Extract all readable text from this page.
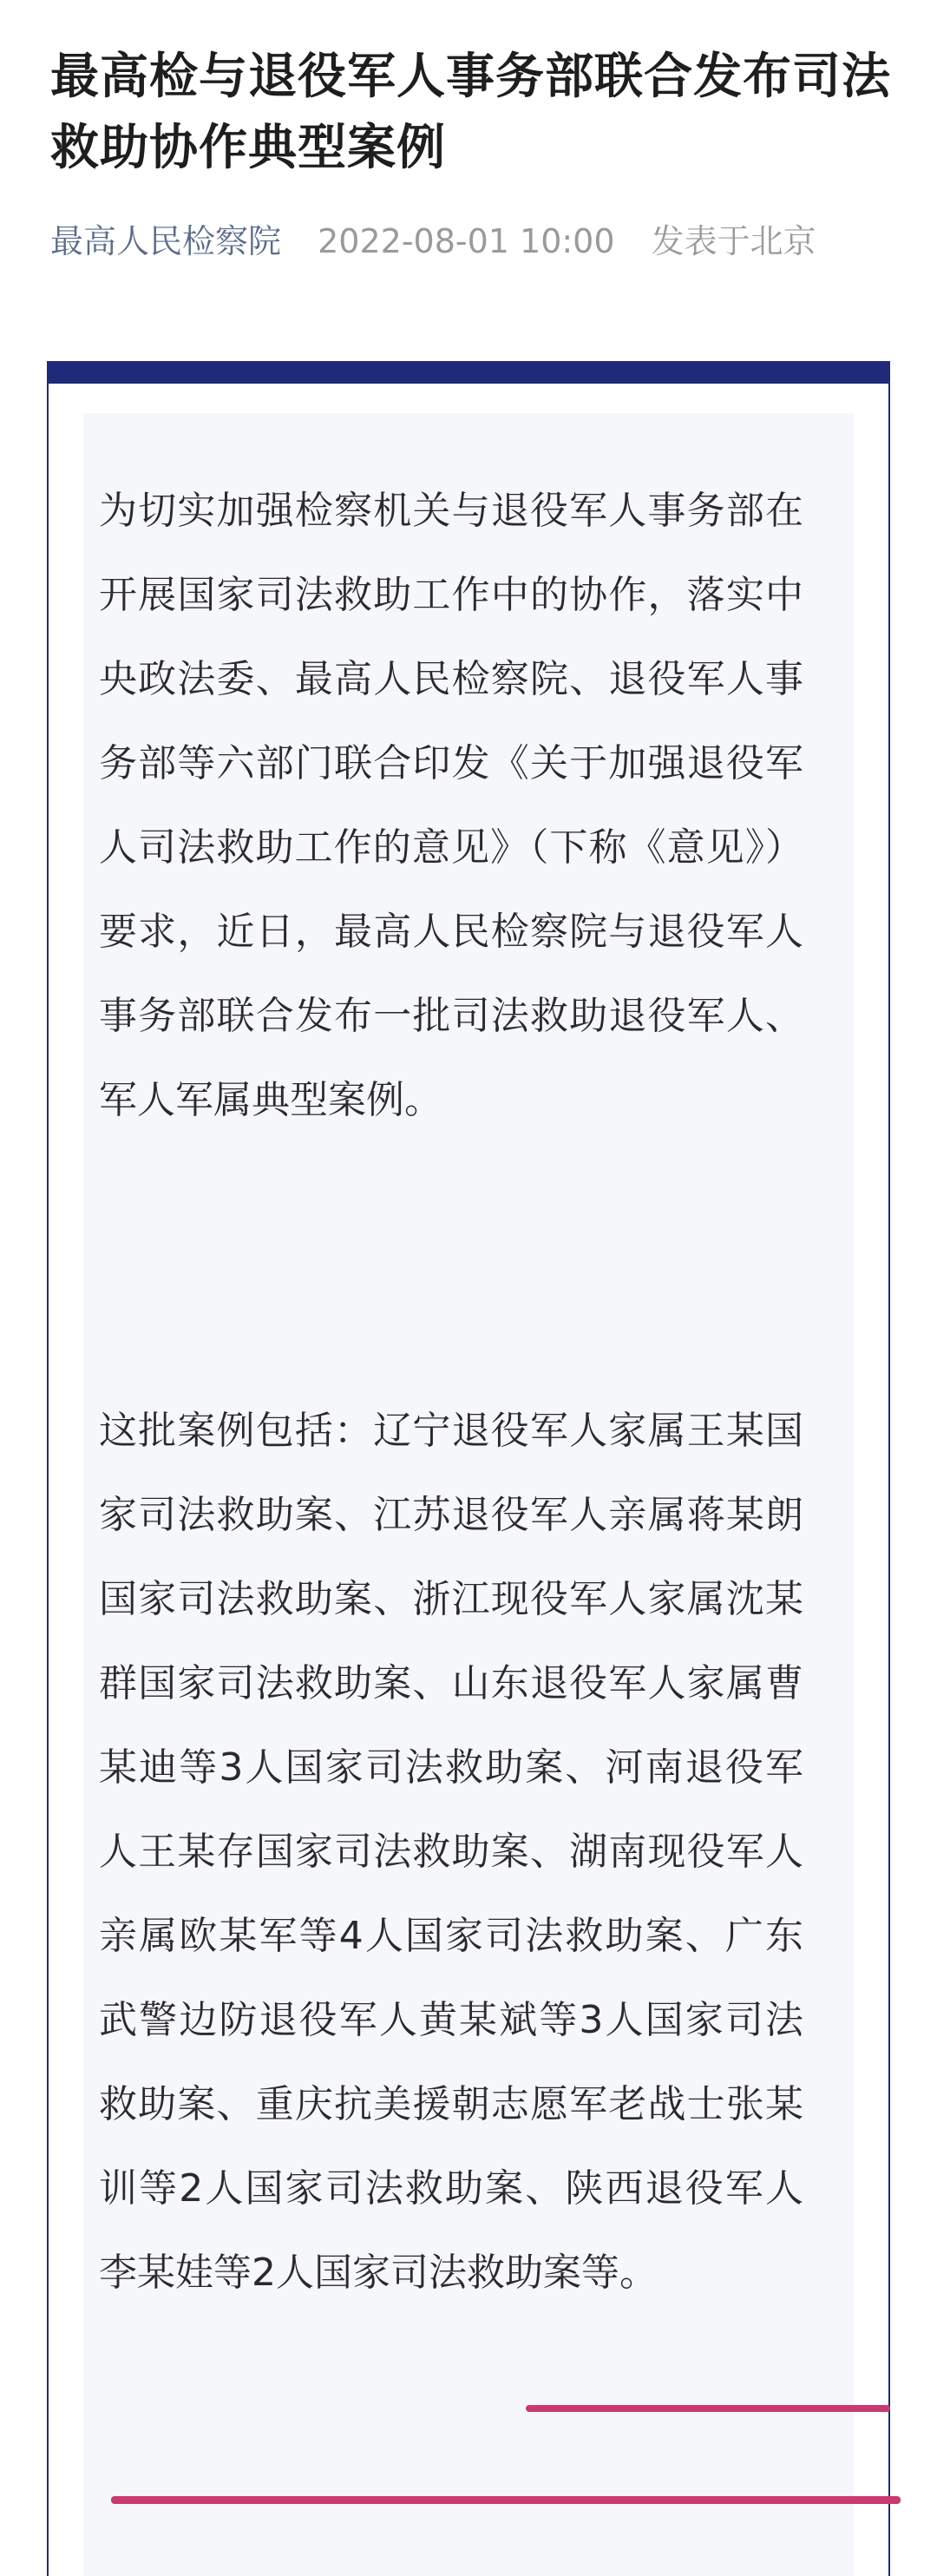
最高检与退役军人事务部联合发布司法救助协作典型案例
最高人民检察院 2022-08-01 10:00 发表于北京

为切实加强检察机关与退役军人事务部在开展国家司法救助工作中的协作，落实中央政法委、最高人民检察院、退役军人事务部等六部门联合印发《关于加强退役军人司法救助工作的意见》（下称《意见》）要求，近日，最高人民检察院与退役军人事务部联合发布一批司法救助退役军人、军人军属典型案例。

这批案例包括：辽宁退役军人家属王某国家司法救助案、江苏退役军人亲属蒋某朗国家司法救助案、浙江现役军人家属沈某群国家司法救助案、山东退役军人家属曹某迪等3人国家司法救助案、河南退役军人王某存国家司法救助案、湖南现役军人亲属欧某军等4人国家司法救助案、广东武警边防退役军人黄某斌等3人国家司法救助案、重庆抗美援朝志愿军老战士张某训等2人国家司法救助案、陕西退役军人李某娃等2人国家司法救助案等。
